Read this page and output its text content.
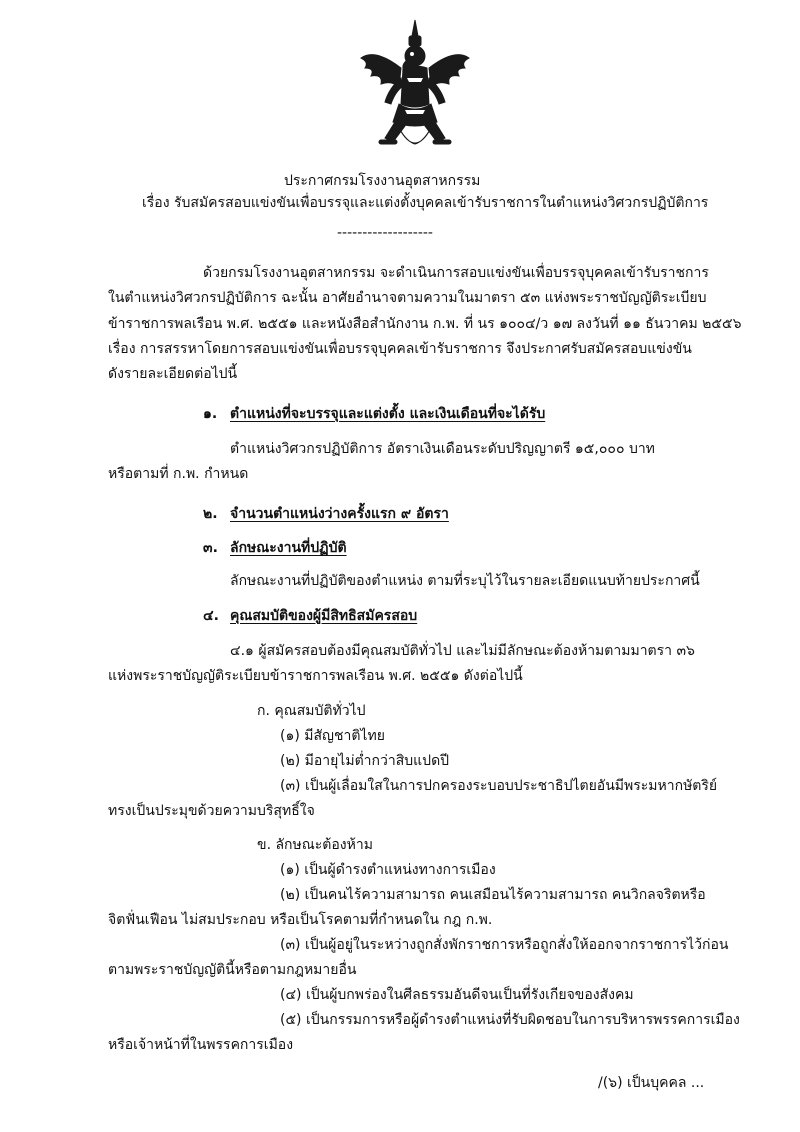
ประกาศกรมโรงงานอุตสาหกรรม
เรื่อง รับสมัครสอบแข่งขันเพื่อบรรจุและแต่งตั้งบุคคลเข้ารับราชการในตำแหน่งวิศวกรปฏิบัติการ
-------------------
ด้วยกรมโรงงานอุตสาหกรรม จะดำเนินการสอบแข่งขันเพื่อบรรจุบุคคลเข้ารับราชการ
ในตำแหน่งวิศวกรปฏิบัติการ ฉะนั้น อาศัยอำนาจตามความในมาตรา ๕๓ แห่งพระราชบัญญัติระเบียบ
ข้าราชการพลเรือน พ.ศ. ๒๕๕๑ และหนังสือสำนักงาน ก.พ. ที่ นร ๑๐๐๔/ว ๑๗ ลงวันที่ ๑๑ ธันวาคม ๒๕๕๖
เรื่อง การสรรหาโดยการสอบแข่งขันเพื่อบรรจุบุคคลเข้ารับราชการ จึงประกาศรับสมัครสอบแข่งขัน
ดังรายละเอียดต่อไปนี้
๑. ตำแหน่งที่จะบรรจุและแต่งตั้ง และเงินเดือนที่จะได้รับ
ตำแหน่งวิศวกรปฏิบัติการ อัตราเงินเดือนระดับปริญญาตรี ๑๕,๐๐๐ บาท
หรือตามที่ ก.พ. กำหนด
๒. จำนวนตำแหน่งว่างครั้งแรก ๙ อัตรา
๓. ลักษณะงานที่ปฏิบัติ
ลักษณะงานที่ปฏิบัติของตำแหน่ง ตามที่ระบุไว้ในรายละเอียดแนบท้ายประกาศนี้
๔. คุณสมบัติของผู้มีสิทธิสมัครสอบ
๔.๑ ผู้สมัครสอบต้องมีคุณสมบัติทั่วไป และไม่มีลักษณะต้องห้ามตามมาตรา ๓๖
แห่งพระราชบัญญัติระเบียบข้าราชการพลเรือน พ.ศ. ๒๕๕๑ ดังต่อไปนี้
ก. คุณสมบัติทั่วไป
(๑) มีสัญชาติไทย
(๒) มีอายุไม่ต่ำกว่าสิบแปดปี
(๓) เป็นผู้เลื่อมใสในการปกครองระบอบประชาธิปไตยอันมีพระมหากษัตริย์
ทรงเป็นประมุขด้วยความบริสุทธิ์ใจ
ข. ลักษณะต้องห้าม
(๑) เป็นผู้ดำรงตำแหน่งทางการเมือง
(๒) เป็นคนไร้ความสามารถ คนเสมือนไร้ความสามารถ คนวิกลจริตหรือ
จิตฟั่นเฟือน ไม่สมประกอบ หรือเป็นโรคตามที่กำหนดใน กฎ ก.พ.
(๓) เป็นผู้อยู่ในระหว่างถูกสั่งพักราชการหรือถูกสั่งให้ออกจากราชการไว้ก่อน
ตามพระราชบัญญัตินี้หรือตามกฎหมายอื่น
(๔) เป็นผู้บกพร่องในศีลธรรมอันดีจนเป็นที่รังเกียจของสังคม
(๕) เป็นกรรมการหรือผู้ดำรงตำแหน่งที่รับผิดชอบในการบริหารพรรคการเมือง
หรือเจ้าหน้าที่ในพรรคการเมือง
/(๖) เป็นบุคคล ...
